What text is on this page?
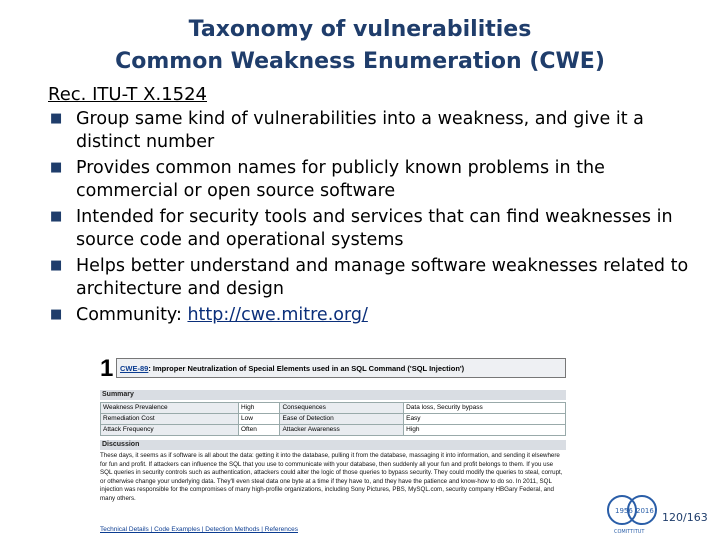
Taxonomy of vulnerabilities
Common Weakness Enumeration (CWE)
Rec. ITU-T X.1524
■ Group same kind of vulnerabilities into a weakness, and give it a distinct number
■ Provides common names for publicly known problems in the commercial or open source software
■ Intended for security tools and services that can find weaknesses in source code and operational systems
■ Helps better understand and manage software weaknesses related to architecture and design
■ Community: http://cwe.mitre.org/
1 CWE-89: Improper Neutralization of Special Elements used in an SQL Command ('SQL Injection')
Summary
Weakness Prevalence	High	Consequences	Data loss, Security bypass
Remediation Cost	Low	Ease of Detection	Easy
Attack Frequency	Often	Attacker Awareness	High
Discussion
These days, it seems as if software is all about the data: getting it into the database, pulling it from the database, massaging it into information, and sending it elsewhere for fun and profit. If attackers can influence the SQL that you use to communicate with your database, then suddenly all your fun and profit belongs to them. If you use SQL queries in security controls such as authentication, attackers could alter the logic of those queries to bypass security. They could modify the queries to steal, corrupt, or otherwise change your underlying data. They'll even steal data one byte at a time if they have to, and they have the patience and know-how to do so. In 2011, SQL injection was responsible for the compromises of many high-profile organizations, including Sony Pictures, PBS, MySQL.com, security company HBGary Federal, and many others.
Technical Details | Code Examples | Detection Methods | References
1956 2016
COMITTITUT
120/163
